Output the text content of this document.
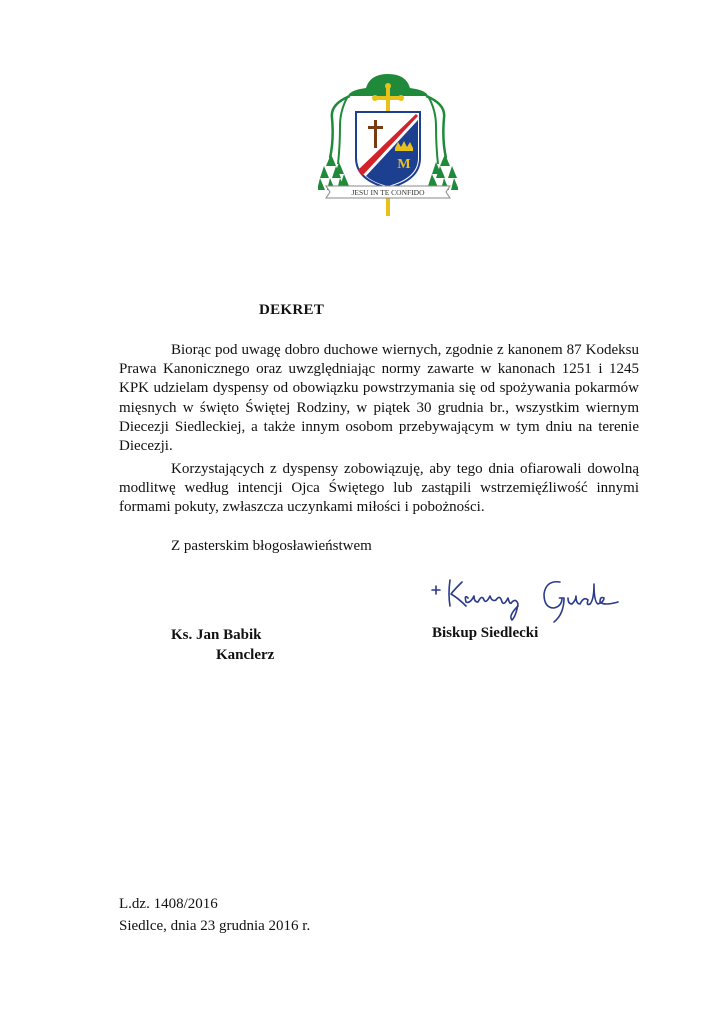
M
JESU IN TE CONFIDO
DEKRET
Biorąc pod uwagę dobro duchowe wiernych, zgodnie z kanonem 87 Kodeksu Prawa Kanonicznego oraz uwzględniając normy zawarte w kanonach 1251 i 1245 KPK udzielam dyspensy od obowiązku powstrzymania się od spożywania pokarmów mięsnych w święto Świętej Rodziny, w piątek 30 grudnia br., wszystkim wiernym Diecezji Siedleckiej, a także innym osobom przebywającym w tym dniu na terenie Diecezji.
Korzystających z dyspensy zobowiązuję, aby tego dnia ofiarowali dowolną modlitwę według intencji Ojca Świętego lub zastąpili wstrzemięźliwość innymi formami pokuty, zwłaszcza uczynkami miłości i pobożności.
Z pasterskim błogosławieństwem
Ks. Jan Babik
Kanclerz
Biskup Siedlecki
L.dz. 1408/2016
Siedlce, dnia 23 grudnia 2016 r.
